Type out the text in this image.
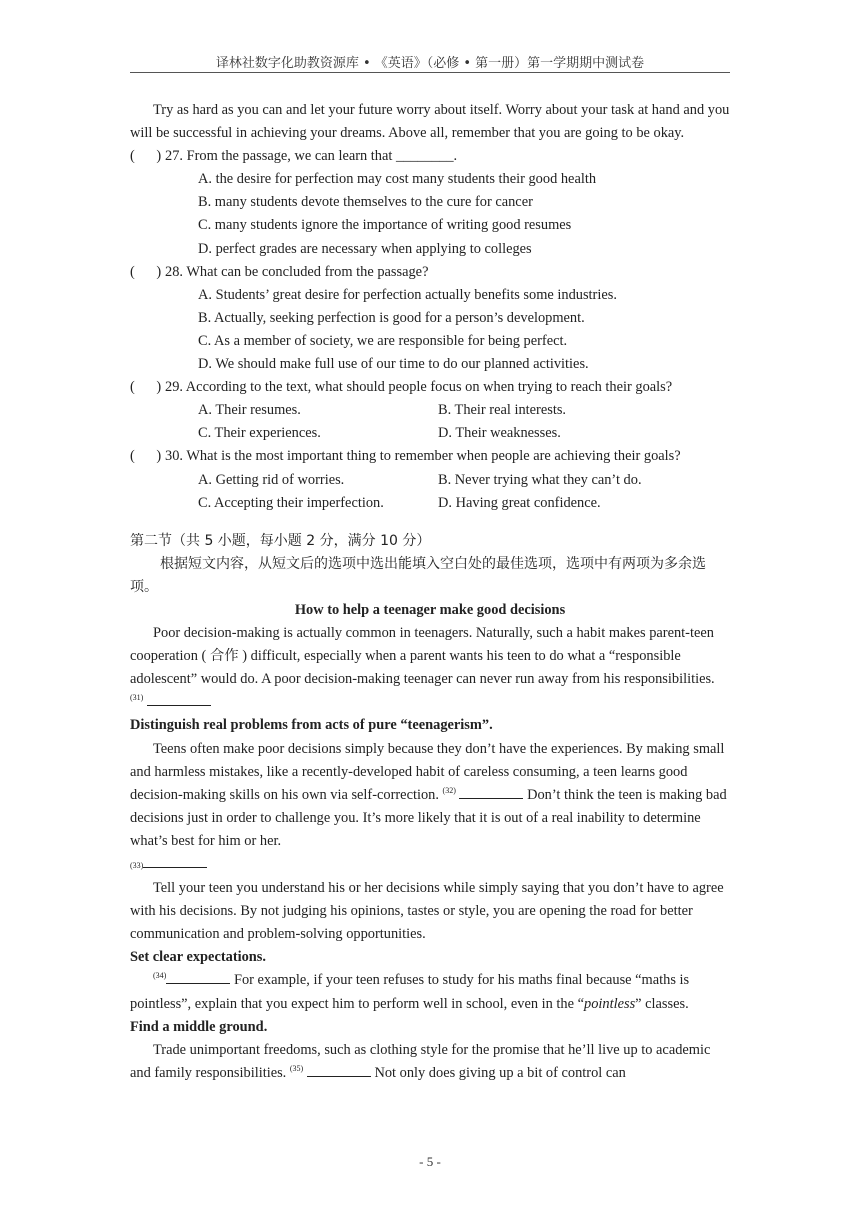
译林社数字化助教资源库 • 《英语》（必修 • 第一册）第一学期期中测试卷

Try as hard as you can and let your future worry about itself. Worry about your task at hand and you will be successful in achieving your dreams. Above all, remember that you are going to be okay.

(      ) 27. From the passage, we can learn that ________.

A. the desire for perfection may cost many students their good health

B. many students devote themselves to the cure for cancer

C. many students ignore the importance of writing good resumes

D. perfect grades are necessary when applying to colleges

(      ) 28. What can be concluded from the passage?

A. Students’ great desire for perfection actually benefits some industries.

B. Actually, seeking perfection is good for a person’s development.

C. As a member of society, we are responsible for being perfect.

D. We should make full use of our time to do our planned activities.

(      ) 29. According to the text, what should people focus on when trying to reach their goals?
A. Their resumes.	B. Their real interests.
C. Their experiences.	D. Their weaknesses.
(      ) 30. What is the most important thing to remember when people are achieving their goals?
A. Getting rid of worries.	B. Never trying what they can’t do.
C. Accepting their imperfection.	D. Having great confidence.

第二节（共 5 小题，每小题 2 分，满分 10 分）

根据短文内容，从短文后的选项中选出能填入空白处的最佳选项，选项中有两项为多余选项。

How to help a teenager make good decisions

Poor decision-making is actually common in teenagers. Naturally, such a habit makes parent-teen cooperation ( 合作 ) difficult, especially when a parent wants his teen to do what a “responsible adolescent” would do. A poor decision-making teenager can never run away from his responsibilities. $^{(31)}$

Distinguish real problems from acts of pure “teenagerism”.

Teens often make poor decisions simply because they don’t have the experiences. By making small and harmless mistakes, like a recently-developed habit of careless consuming, a teen learns good decision-making skills on his own via self-correction. $^{(32)}$	Don’t think the teen is making bad decisions just in order to challenge you. It’s more likely that it is out of a real inability to determine what’s best for him or her.

(33)

Tell your teen you understand his or her decisions while simply saying that you don’t have to agree with his decisions. By not judging his opinions, tastes or style, you are opening the road for better communication and problem-solving opportunities.

Set clear expectations.

$^{(34)}$	For example, if your teen refuses to study for his maths final because “maths is pointless”, explain that you expect him to perform well in school, even in the “pointless” classes.

Find a middle ground.

Trade unimportant freedoms, such as clothing style for the promise that he’ll live up to academic and family responsibilities. $^{(35)}$	Not only does giving up a bit of control can

- 5 -
